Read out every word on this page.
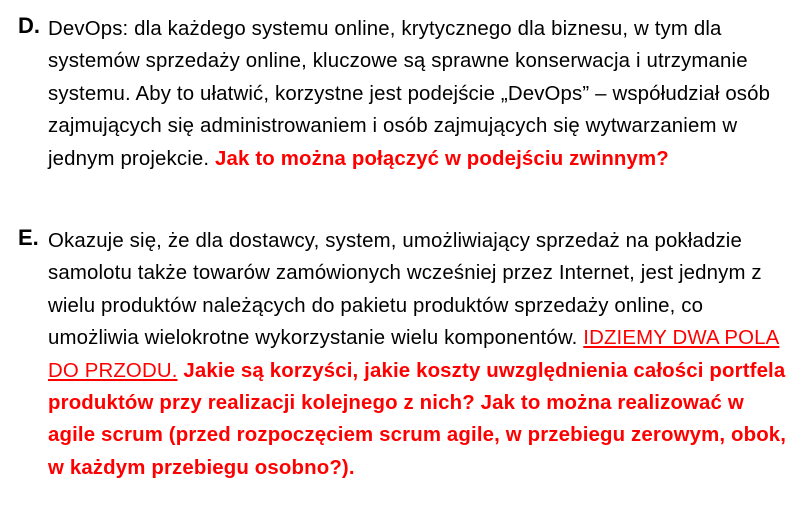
D. DevOps: dla każdego systemu online, krytycznego dla biznesu, w tym dla systemów sprzedaży online, kluczowe są sprawne konserwacja i utrzymanie systemu. Aby to ułatwić, korzystne jest podejście „DevOps” – współudział osób zajmujących się administrowaniem i osób zajmujących się wytwarzaniem w jednym projekcie. Jak to można połączyć w podejściu zwinnym?
E. Okazuje się, że dla dostawcy, system, umożliwiający sprzedaż na pokładzie samolotu także towarów zamówionych wcześniej przez Internet, jest jednym z wielu produktów należących do pakietu produktów sprzedaży online, co umożliwia wielokrotne wykorzystanie wielu komponentów. IDZIEMY DWA POLA DO PRZODU. Jakie są korzyści, jakie koszty uwzględnienia całości portfela produktów przy realizacji kolejnego z nich? Jak to można realizować w agile scrum (przed rozpoczęciem scrum agile, w przebiegu zerowym, obok, w każdym przebiegu osobno?).
